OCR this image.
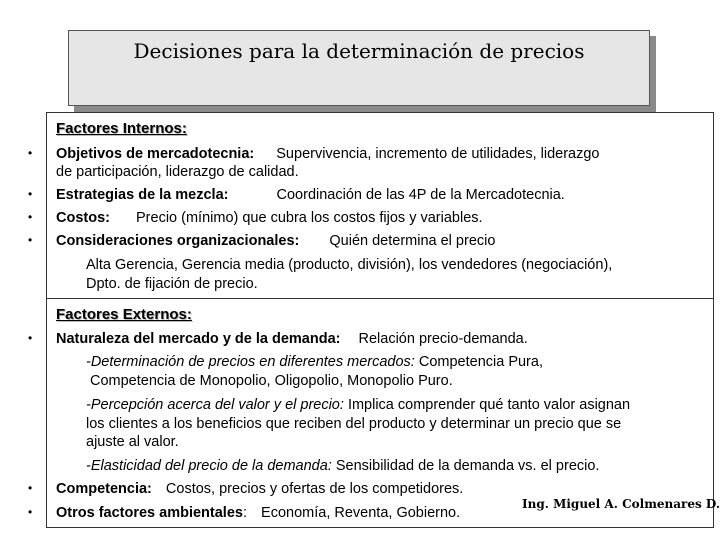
Decisiones para la determinación de precios
Factores Internos:
• Objetivos de mercadotecnia: Supervivencia, incremento de utilidades, liderazgo
de participación, liderazgo de calidad.
• Estrategias de la mezcla:	Coordinación de las 4P de la Mercadotecnia.
• Costos: Precio (mínimo) que cubra los costos fijos y variables.
• Consideraciones organizacionales: Quién determina el precio
Alta Gerencia, Gerencia media (producto, división), los vendedores (negociación),
Dpto. de fijación de precio.
Factores Externos:
• Naturaleza del mercado y de la demanda: Relación precio-demanda.
-Determinación de precios en diferentes mercados: Competencia Pura,
Competencia de Monopolio, Oligopolio, Monopolio Puro.
-Percepción acerca del valor y el precio: Implica comprender qué tanto valor asignan
los clientes a los beneficios que reciben del producto y determinar un precio que se
ajuste al valor.
-Elasticidad del precio de la demanda: Sensibilidad de la demanda vs. el precio.
• Competencia: Costos, precios y ofertas de los competidores.
• Otros factores ambientales: Economía, Reventa, Gobierno.
Ing. Miguel A. Colmenares D.
